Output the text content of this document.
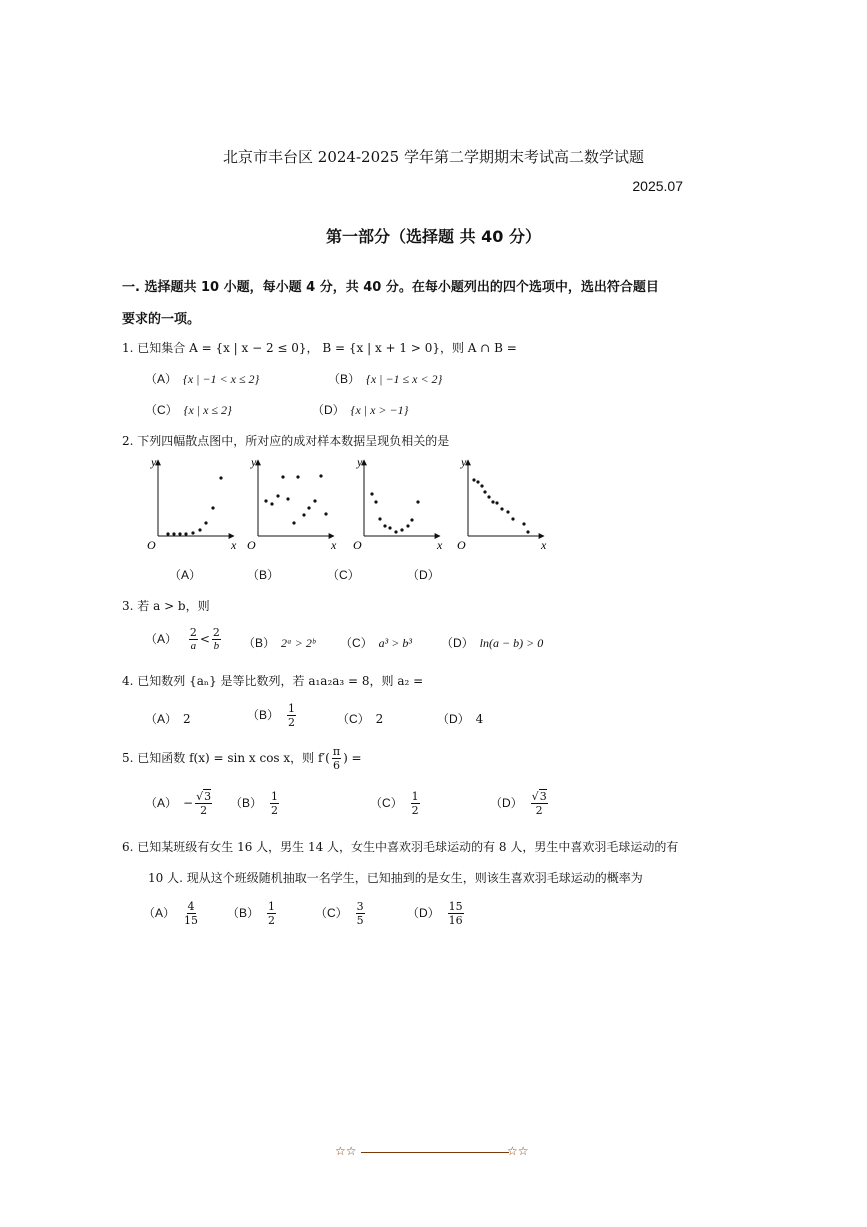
北京市丰台区 2024-2025 学年第二学期期末考试高二数学试题
2025.07
第一部分（选择题 共 40 分）
一. 选择题共 10 小题，每小题 4 分，共 40 分。在每小题列出的四个选项中，选出符合题目
要求的一项。
1. 已知集合 A = {x | x − 2 ≤ 0}， B = {x | x + 1 > 0}，则 A ∩ B =
（A） {x | −1 < x ≤ 2}	（B） {x | −1 ≤ x < 2}
（C） {x | x ≤ 2}	（D） {x | x > −1}
2. 下列四幅散点图中，所对应的成对样本数据呈现负相关的是
y
x
O
y
x
O
y
x
O
y
x
O
（A）	（B）	（C）	（D）
3. 若 a > b，则
$(A) \frac{2}{a} < \frac{2}{b} (B)$ 2ᵃ > 2ᵇ （C） a³ > b³ （D） ln(a − b) > 0
4. 已知数列 {aₙ} 是等比数列，若 a₁a₂a₃ = 8，则 a₂ =
（A） 2	$(B) \frac{1}{2}$	（C） 2	（D） 4
5. 已知函数 f(x) = sin x cos x，则 $f'( \frac{\pi}{6}$ ) =
$(A) - \frac{√3}{2} (B) \frac{1}{2}$	$(C) \frac{1}{2}$	$(D) \frac{√3}{2}$
6. 已知某班级有女生 16 人，男生 14 人，女生中喜欢羽毛球运动的有 8 人，男生中喜欢羽毛球运动的有
10 人. 现从这个班级随机抽取一名学生，已知抽到的是女生，则该生喜欢羽毛球运动的概率为
$(A) \frac{4}{15} (B) \frac{1}{2}$	$(C) \frac{3}{5}$	$(D) \frac{15}{16}$
☆☆	☆☆
